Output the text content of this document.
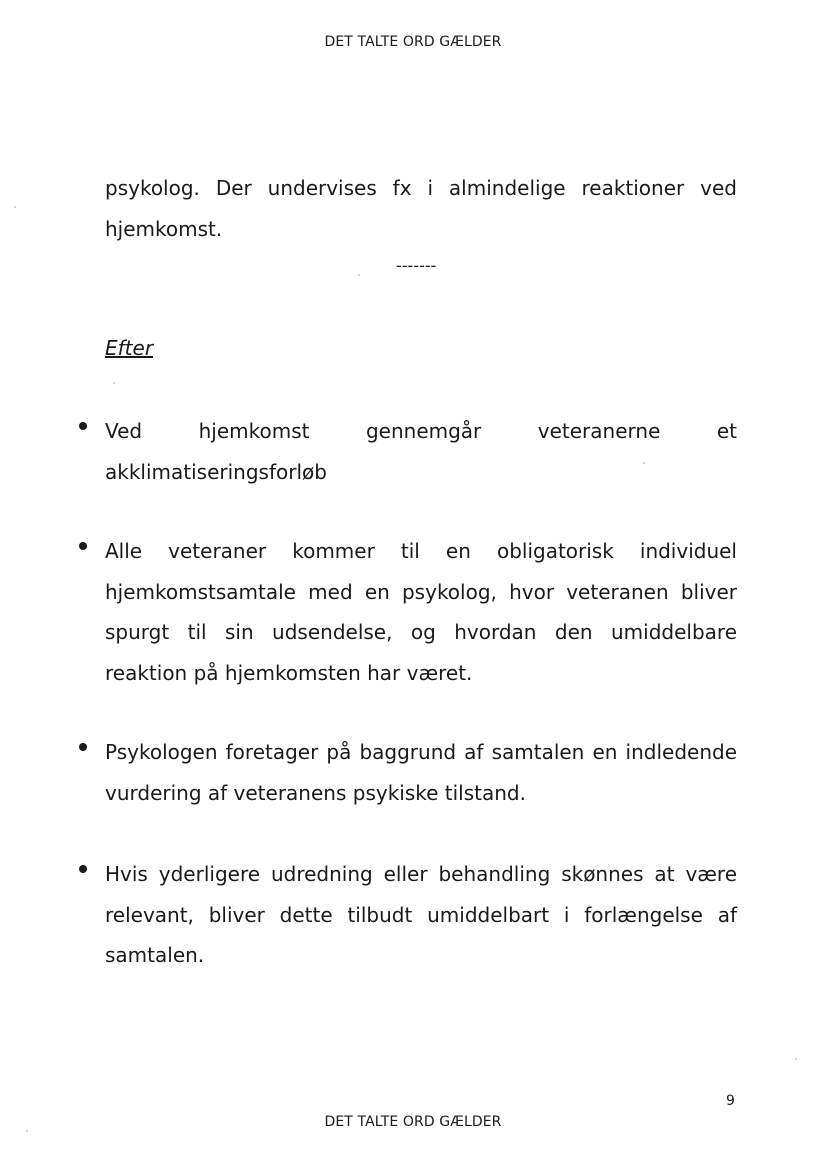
DET TALTE ORD GÆLDER

psykolog. Der undervises fx i almindelige reaktioner ved hjemkomst.

-------
Efter

Ved hjemkomst gennemgår veteranerne et akklimatiseringsforløb

Alle veteraner kommer til en obligatorisk individuel hjemkomstsamtale med en psykolog, hvor veteranen bliver spurgt til sin udsendelse, og hvordan den umiddelbare reaktion på hjemkomsten har været.

Psykologen foretager på baggrund af samtalen en indledende vurdering af veteranens psykiske tilstand.

Hvis yderligere udredning eller behandling skønnes at være relevant, bliver dette tilbudt umiddelbart i forlængelse af samtalen.

9
DET TALTE ORD GÆLDER
